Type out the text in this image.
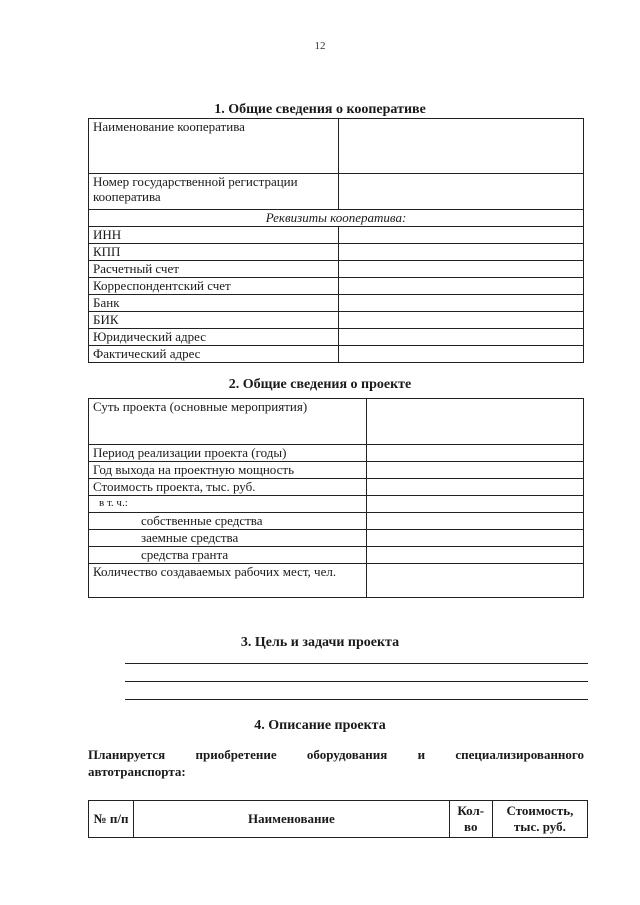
12
1. Общие сведения о кооперативе
Наименование кооператива	
Номер государственной регистрации кооператива	
Реквизиты кооператива:	
ИНН	
КПП	
Расчетный счет	
Корреспондентский счет	
Банк	
БИК	
Юридический адрес	
Фактический адрес	
2. Общие сведения о проекте
Суть проекта (основные мероприятия)	
Период реализации проекта (годы)	
Год выхода на проектную мощность	
Стоимость проекта, тыс. руб.	
в т. ч.:	
собственные средства	
заемные средства	
средства гранта	
Количество создаваемых рабочих мест, чел.	
3. Цель и задачи проекта
4. Описание проекта
Планируется приобретение оборудования и специализированного
автотранспорта:
№ п/п	Наименование	Кол-во	Стоимость, тыс. руб.
